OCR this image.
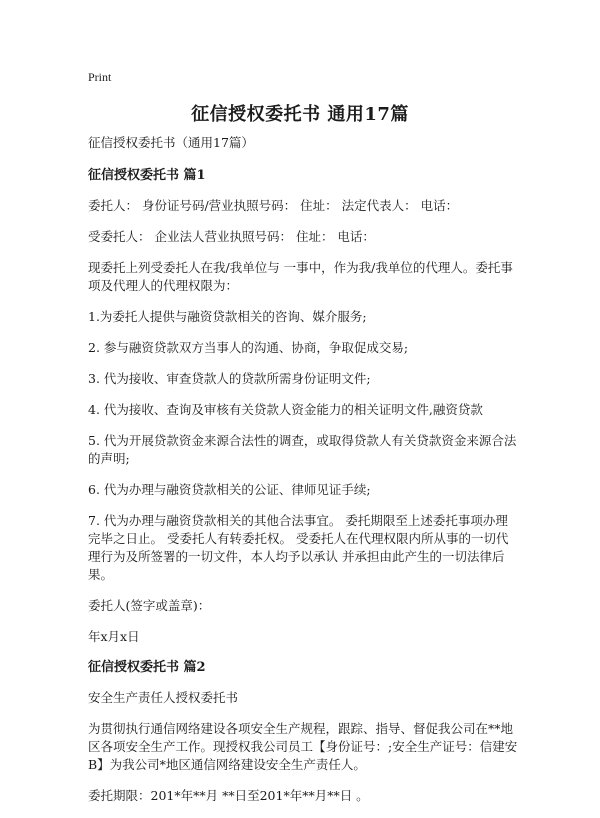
Print
征信授权委托书 通用17篇

征信授权委托书（通用17篇）

征信授权委托书 篇1

委托人： 身份证号码/营业执照号码： 住址： 法定代表人： 电话：

受委托人： 企业法人营业执照号码： 住址： 电话：

现委托上列受委托人在我/我单位与 一事中，作为我/我单位的代理人。委托事项及代理人的代理权限为：

1.为委托人提供与融资贷款相关的咨询、媒介服务;

2. 参与融资贷款双方当事人的沟通、协商，争取促成交易;

3. 代为接收、审查贷款人的贷款所需身份证明文件;

4. 代为接收、查询及审核有关贷款人资金能力的相关证明文件,融资贷款

5. 代为开展贷款资金来源合法性的调查，或取得贷款人有关贷款资金来源合法的声明;

6. 代为办理与融资贷款相关的公证、律师见证手续;

7. 代为办理与融资贷款相关的其他合法事宜。 委托期限至上述委托事项办理完毕之日止。 受委托人有转委托权。 受委托人在代理权限内所从事的一切代理行为及所签署的一切文件，本人均予以承认 并承担由此产生的一切法律后果。

委托人(签字或盖章)：

年x月x日

征信授权委托书 篇2

安全生产责任人授权委托书

为贯彻执行通信网络建设各项安全生产规程，跟踪、指导、督促我公司在**地区各项安全生产工作。现授权我公司员工【身份证号：;安全生产证号：信建安B】为我公司*地区通信网络建设安全生产责任人。

委托期限：201*年**月 **日至201*年**月**日 。
